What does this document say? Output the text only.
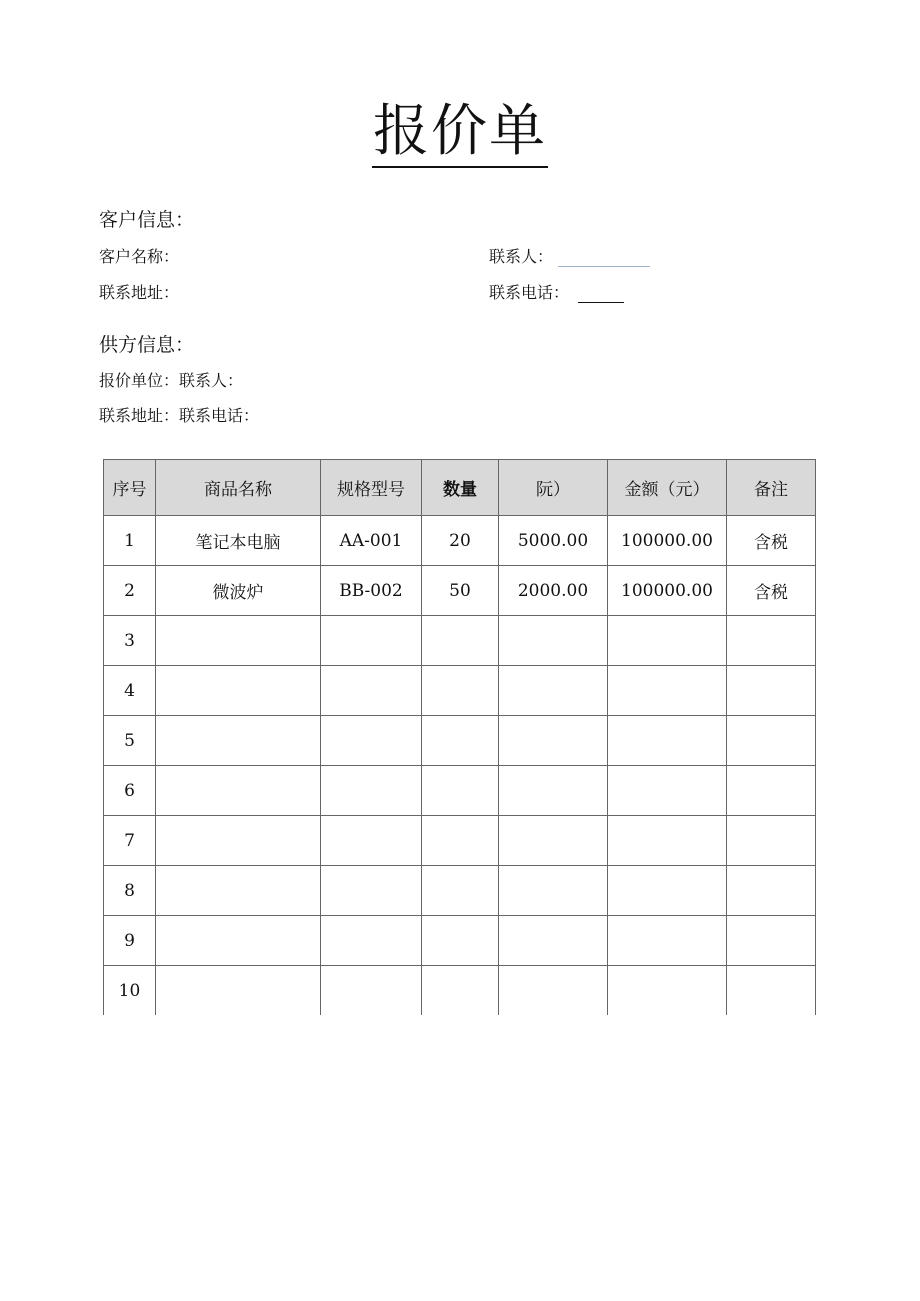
报价单
客户信息：
客户名称：	联系人：
联系地址：	联系电话：
供方信息：
报价单位：联系人：
联系地址：联系电话：
序号	商品名称	规格型号	数量	阮）	金额（元）	备注
1	笔记本电脑	AA-001	20	5000.00	100000.00	含税
2	微波炉	BB-002	50	2000.00	100000.00	含税
3						
4						
5						
6						
7						
8						
9						
10						
